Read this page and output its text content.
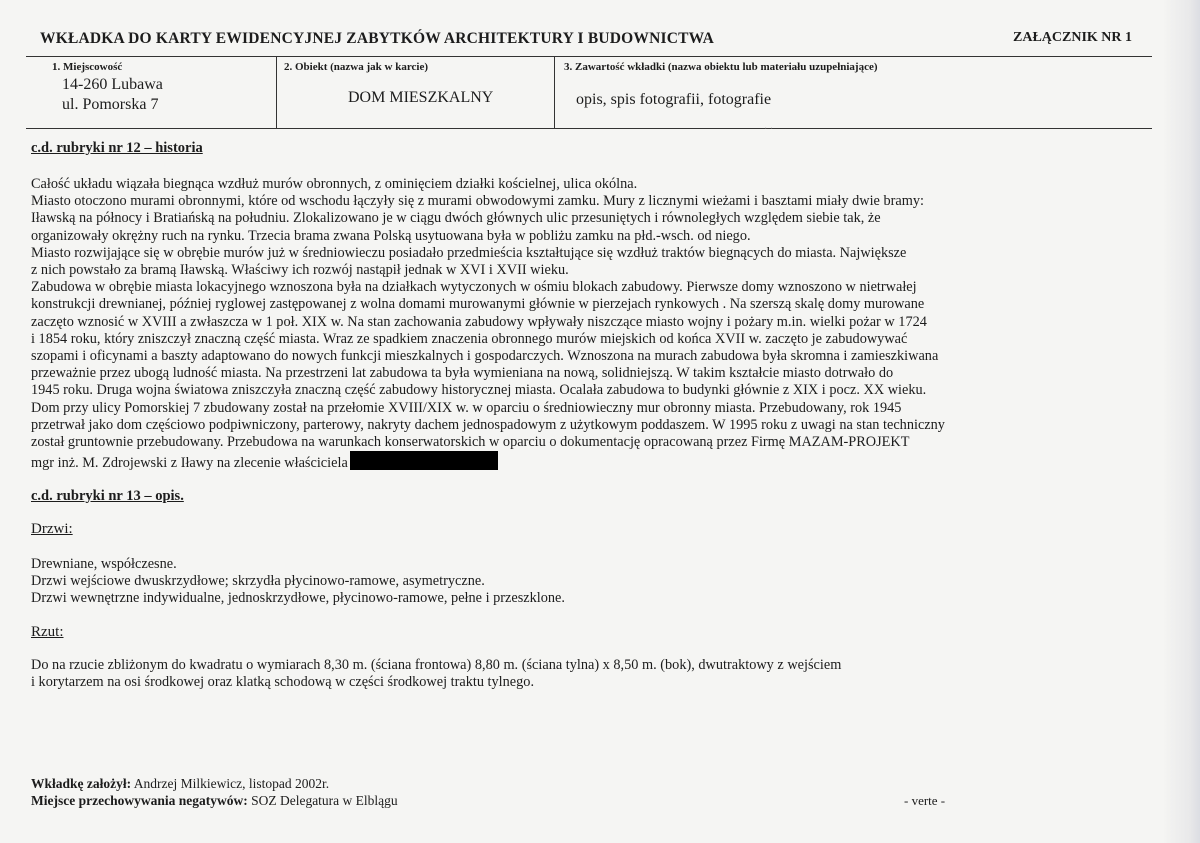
WKŁADKA DO KARTY EWIDENCYJNEJ ZABYTKÓW ARCHITEKTURY I BUDOWNICTWA	ZAŁĄCZNIK NR 1
1. Miejscowość
14-260 Lubawa
ul. Pomorska 7
2. Obiekt (nazwa jak w karcie)
DOM MIESZKALNY
3. Zawartość wkładki (nazwa obiektu lub materiału uzupełniające)
opis, spis fotografii, fotografie
· ·
c.d. rubryki nr 12 – historia
Całość układu wiązała biegnąca wzdłuż murów obronnych, z ominięciem działki kościelnej, ulica okólna.
Miasto otoczono murami obronnymi, które od wschodu łączyły się z murami obwodowymi zamku. Mury z licznymi wieżami i basztami miały dwie bramy:
Iławską na północy i Bratiańską na południu. Zlokalizowano je w ciągu dwóch głównych ulic przesuniętych i równoległych względem siebie tak, że
organizowały okrężny ruch na rynku. Trzecia brama zwana Polską usytuowana była w pobliżu zamku na płd.-wsch. od niego.
Miasto rozwijające się w obrębie murów już w średniowieczu posiadało przedmieścia kształtujące się wzdłuż traktów biegnących do miasta. Największe
z nich powstało za bramą Iławską. Właściwy ich rozwój nastąpił jednak w XVI i XVII wieku.
Zabudowa w obrębie miasta lokacyjnego wznoszona była na działkach wytyczonych w ośmiu blokach zabudowy. Pierwsze domy wznoszono w nietrwałej
konstrukcji drewnianej, później ryglowej zastępowanej z wolna domami murowanymi głównie w pierzejach rynkowych . Na szerszą skalę domy murowane
zaczęto wznosić w XVIII a zwłaszcza w 1 poł. XIX w. Na stan zachowania zabudowy wpływały niszczące miasto wojny i pożary m.in. wielki pożar w 1724
i 1854 roku, który zniszczył znaczną część miasta. Wraz ze spadkiem znaczenia obronnego murów miejskich od końca XVII w. zaczęto je zabudowywać
szopami i oficynami a baszty adaptowano do nowych funkcji mieszkalnych i gospodarczych. Wznoszona na murach zabudowa była skromna i zamieszkiwana
przeważnie przez ubogą ludność miasta. Na przestrzeni lat zabudowa ta była wymieniana na nową, solidniejszą. W takim kształcie miasto dotrwało do
1945 roku. Druga wojna światowa zniszczyła znaczną część zabudowy historycznej miasta. Ocalała zabudowa to budynki głównie z XIX i pocz. XX wieku.
Dom przy ulicy Pomorskiej 7 zbudowany został na przełomie XVIII/XIX w. w oparciu o średniowieczny mur obronny miasta. Przebudowany, rok 1945
przetrwał jako dom częściowo podpiwniczony, parterowy, nakryty dachem jednospadowym z użytkowym poddaszem. W 1995 roku z uwagi na stan techniczny
został gruntownie przebudowany. Przebudowa na warunkach konserwatorskich w oparciu o dokumentację opracowaną przez Firmę MAZAM-PROJEKT
mgr inż. M. Zdrojewski z Iławy na zlecenie właściciela
c.d. rubryki nr 13 – opis.
Drzwi:
Drewniane, współczesne.
Drzwi wejściowe dwuskrzydłowe; skrzydła płycinowo-ramowe, asymetryczne.
Drzwi wewnętrzne indywidualne, jednoskrzydłowe, płycinowo-ramowe, pełne i przeszklone.
Rzut:
Do na rzucie zbliżonym do kwadratu o wymiarach 8,30 m. (ściana frontowa) 8,80 m. (ściana tylna) x 8,50 m. (bok), dwutraktowy z wejściem
i korytarzem na osi środkowej oraz klatką schodową w części środkowej traktu tylnego.
Wkładkę założył: Andrzej Milkiewicz, listopad 2002r.
Miejsce przechowywania negatywów: SOZ Delegatura w Elblągu	- verte -
